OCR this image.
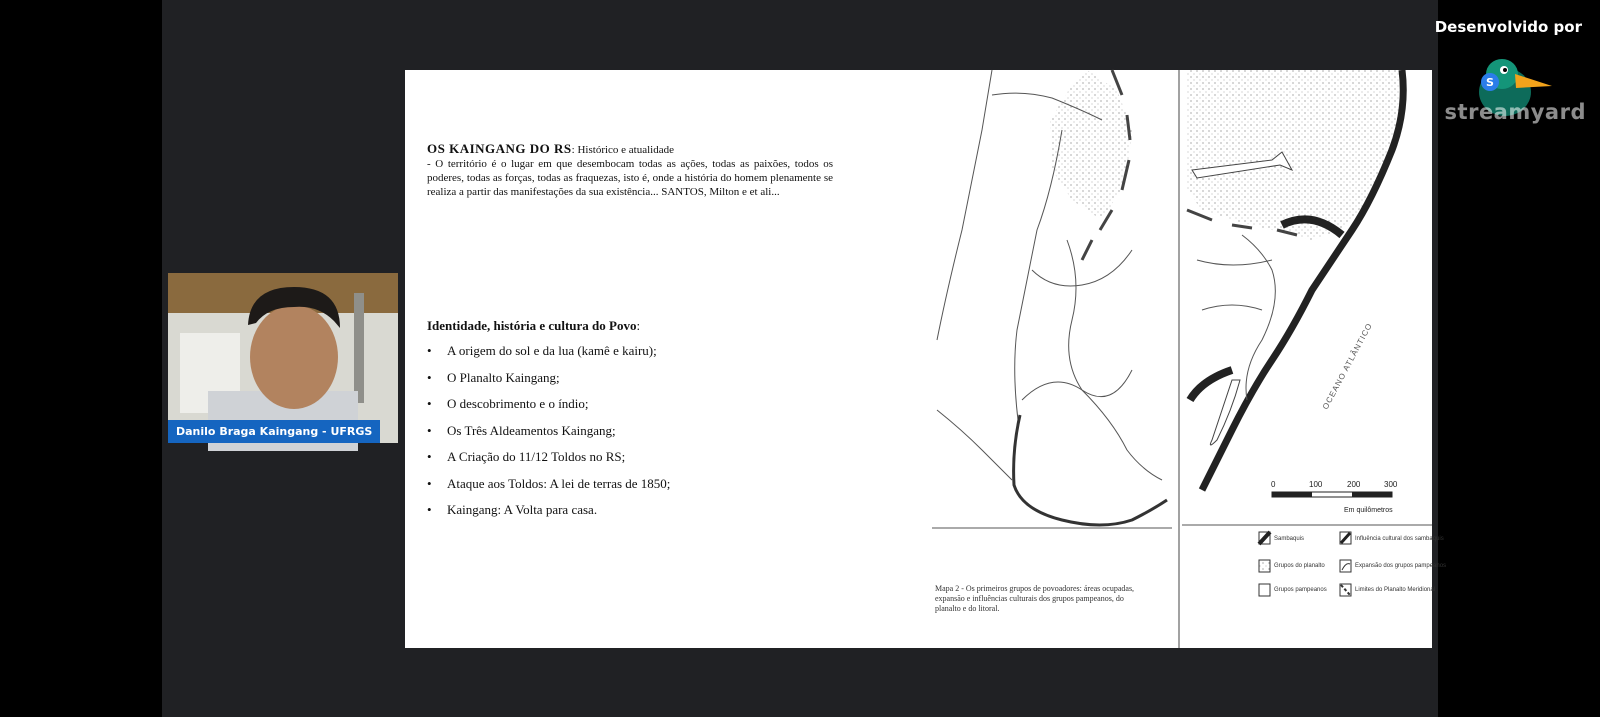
Desenvolvido por
S
streamyard
Danilo Braga Kaingang - UFRGS
OS KAINGANG DO RS: Histórico e atualidade
- O território é o lugar em que desembocam todas as ações, todas as paixões, todos os poderes, todas as forças, todas as fraquezas, isto é, onde a história do homem plenamente se realiza a partir das manifestações da sua existência... SANTOS, Milton e et ali...
Identidade, história e cultura do Povo:
• A origem do sol e da lua (kamê e kairu);
• O Planalto Kaingang;
• O descobrimento e o índio;
• Os Três Aldeamentos Kaingang;
• A Criação do 11/12 Toldos no RS;
• Ataque aos Toldos: A lei de terras de 1850;
• Kaingang: A Volta para casa.
OCEANO ATLÂNTICO
0	100	200	300
Em quilômetros
Sambaquis	Influência cultural dos sambaquis
Grupos do planalto	Expansão dos grupos pampeanos
Grupos pampeanos	Limites do Planalto Meridional
Mapa 2 - Os primeiros grupos de povoadores: áreas ocupadas, expansão e influências culturais dos grupos pampeanos, do planalto e do litoral.
